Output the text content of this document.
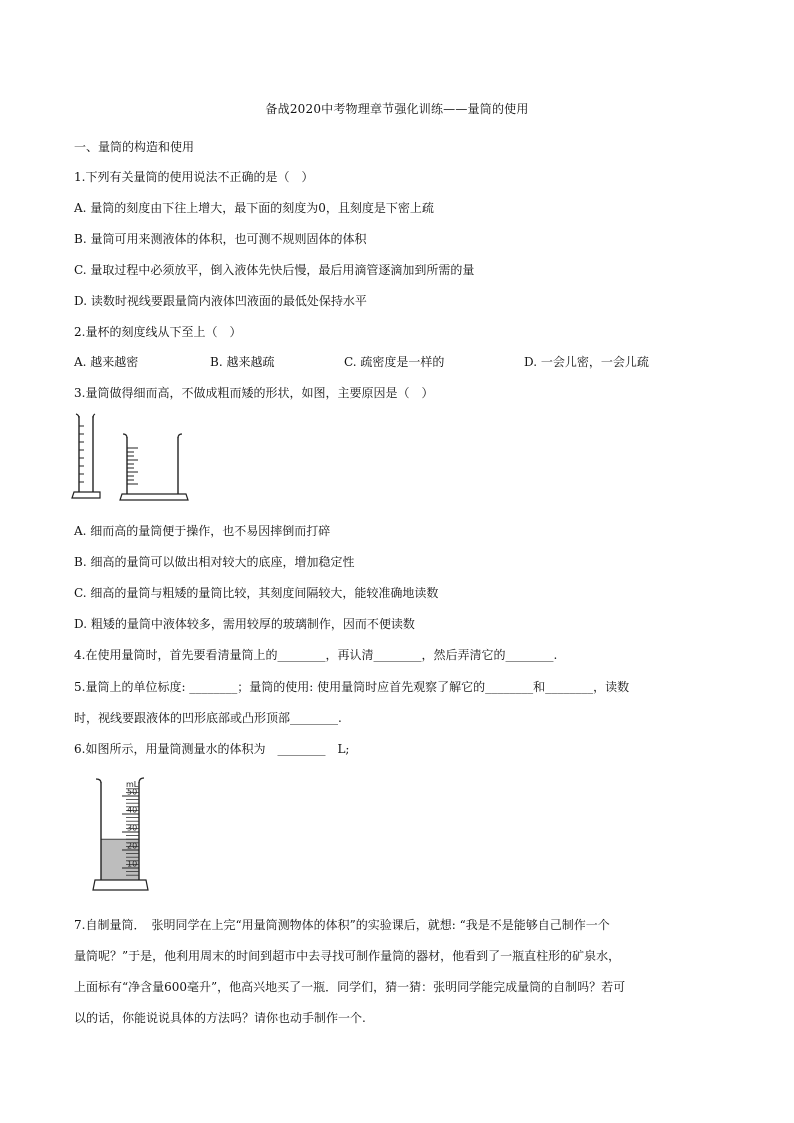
备战2020中考物理章节强化训练——量筒的使用
一、量筒的构造和使用
1.下列有关量筒的使用说法不正确的是（　）
A. 量筒的刻度由下往上增大，最下面的刻度为0，且刻度是下密上疏
B. 量筒可用来测液体的体积，也可测不规则固体的体积
C. 量取过程中必须放平，倒入液体先快后慢，最后用滴管逐滴加到所需的量
D. 读数时视线要跟量筒内液体凹液面的最低处保持水平
2.量杯的刻度线从下至上（　）
A. 越来越密	B. 越来越疏	C. 疏密度是一样的	D. 一会儿密，一会儿疏
3.量筒做得细而高，不做成粗而矮的形状，如图，主要原因是（　）
A. 细而高的量筒便于操作，也不易因摔倒而打碎
B. 细高的量筒可以做出相对较大的底座，增加稳定性
C. 细高的量筒与粗矮的量筒比较，其刻度间隔较大，能较准确地读数
D. 粗矮的量筒中液体较多，需用较厚的玻璃制作，因而不便读数
4.在使用量筒时，首先要看清量筒上的________，再认清________，然后弄清它的________.
5.量筒上的单位标度: ________；量筒的使用: 使用量筒时应首先观察了解它的________和________，读数
时，视线要跟液体的凹形底部或凸形顶部________.
6.如图所示，用量筒测量水的体积为　________　L;
50
40
30
20
10
mL
7.自制量筒．　张明同学在上完“用量筒测物体的体积”的实验课后，就想: “我是不是能够自己制作一个
量筒呢？”于是，他利用周末的时间到超市中去寻找可制作量筒的器材，他看到了一瓶直柱形的矿泉水，
上面标有“净含量600毫升”，他高兴地买了一瓶．同学们，猜一猜：张明同学能完成量筒的自制吗？若可
以的话，你能说说具体的方法吗？请你也动手制作一个.
